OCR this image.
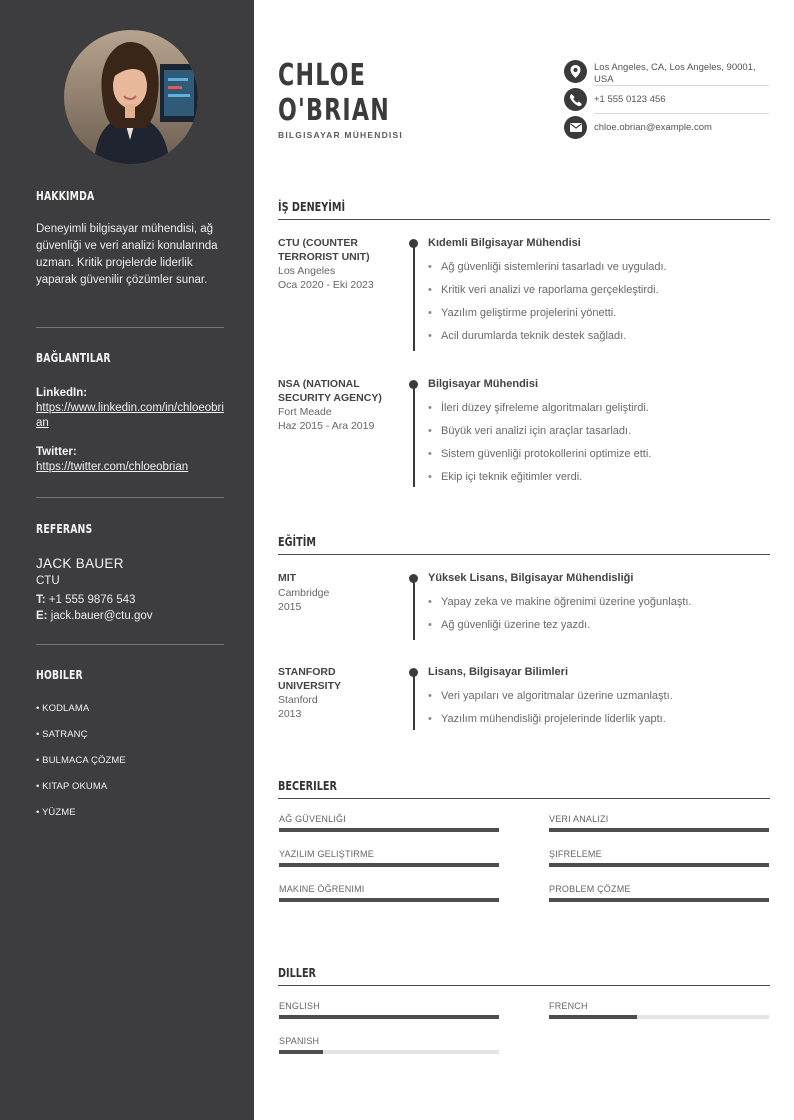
HAKKIMDA

Deneyimli bilgisayar mühendisi, ağ güvenliği ve veri analizi konularında uzman. Kritik projelerde liderlik yaparak güvenilir çözümler sunar.

BAĞLANTILAR
LinkedIn:
https://www.linkedin.com/in/chloeobrian
Twitter:
https://twitter.com/chloeobrian
REFERANS
JACK BAUER
CTU
T: +1 555 9876 543
E: jack.bauer@ctu.gov
HOBILER
• KODLAMA
• SATRANÇ
• BULMACA ÇÖZME
• KITAP OKUMA
• YÜZME
CHLOE
O'BRIAN
BILGISAYAR MÜHENDISI
Los Angeles, CA, Los Angeles, 90001, USA
+1 555 0123 456
chloe.obrian@example.com
İŞ DENEYİMİ
CTU (COUNTER TERRORIST UNIT)
Los Angeles
Oca 2020 - Eki 2023
Kıdemli Bilgisayar Mühendisi
• Ağ güvenliği sistemlerini tasarladı ve uyguladı.
• Kritik veri analizi ve raporlama gerçekleştirdi.
• Yazılım geliştirme projelerini yönetti.
• Acil durumlarda teknik destek sağladı.
NSA (NATIONAL SECURITY AGENCY)
Fort Meade
Haz 2015 - Ara 2019
Bilgisayar Mühendisi
• İleri düzey şifreleme algoritmaları geliştirdi.
• Büyük veri analizi için araçlar tasarladı.
• Sistem güvenliği protokollerini optimize etti.
• Ekip içi teknik eğitimler verdi.
EĞİTİM
MIT
Cambridge
2015
Yüksek Lisans, Bilgisayar Mühendisliği
• Yapay zeka ve makine öğrenimi üzerine yoğunlaştı.
• Ağ güvenliği üzerine tez yazdı.
STANFORD UNIVERSITY
Stanford
2013
Lisans, Bilgisayar Bilimleri
• Veri yapıları ve algoritmalar üzerine uzmanlaştı.
• Yazılım mühendisliği projelerinde liderlik yaptı.
BECERILER
AĞ GÜVENLIĞI	VERI ANALIZI
YAZILIM GELIŞTIRME	ŞIFRELEME
MAKINE ÖĞRENIMI	PROBLEM ÇÖZME
DILLER
ENGLISH	FRENCH
SPANISH
